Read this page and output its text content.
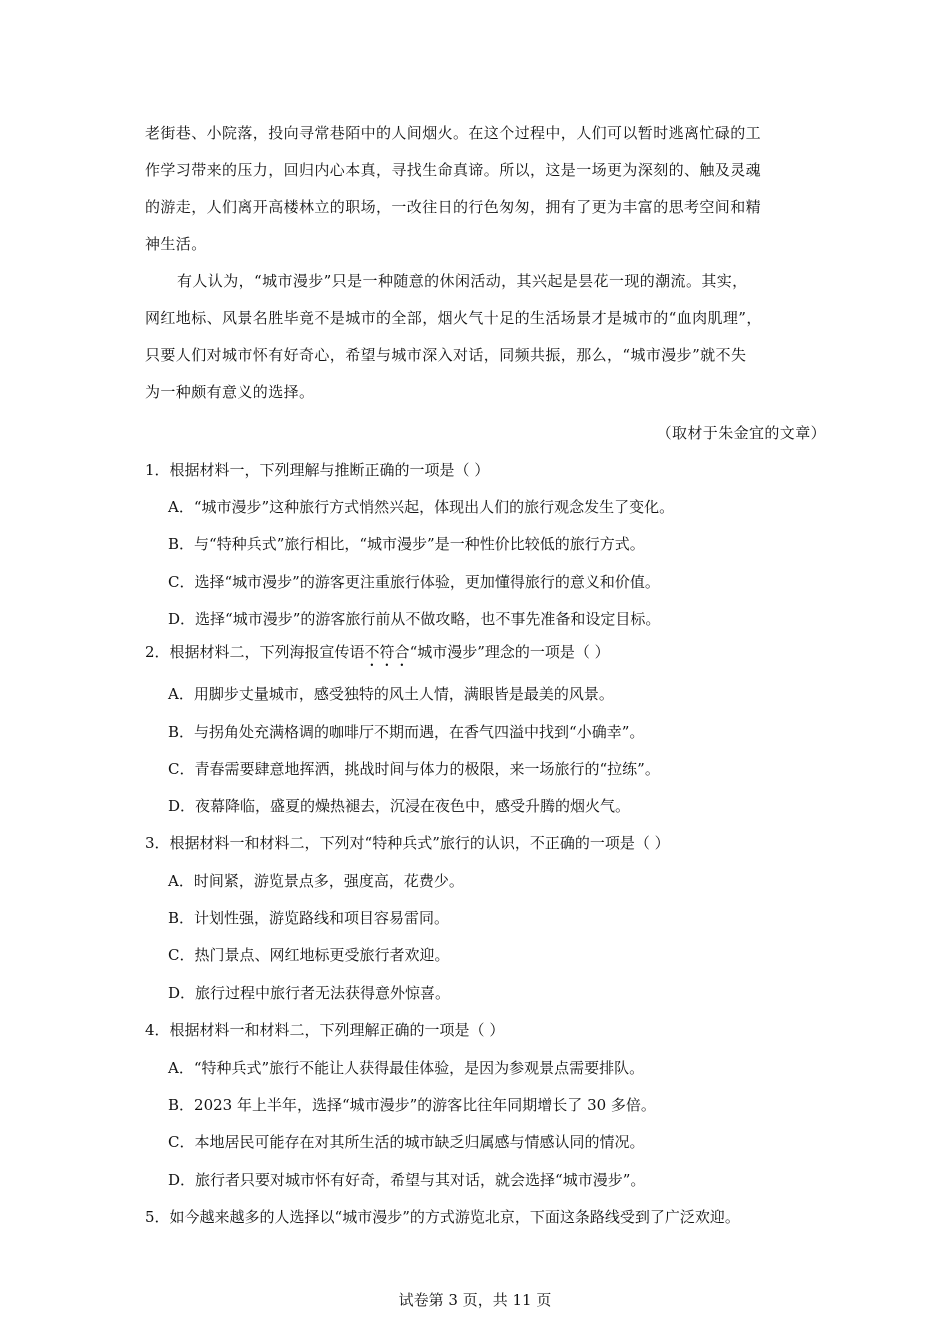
老街巷、小院落，投向寻常巷陌中的人间烟火。在这个过程中，人们可以暂时逃离忙碌的工
作学习带来的压力，回归内心本真，寻找生命真谛。所以，这是一场更为深刻的、触及灵魂
的游走，人们离开高楼林立的职场，一改往日的行色匆匆，拥有了更为丰富的思考空间和精
神生活。
有人认为，“城市漫步”只是一种随意的休闲活动，其兴起是昙花一现的潮流。其实，
网红地标、风景名胜毕竟不是城市的全部，烟火气十足的生活场景才是城市的“血肉肌理”，
只要人们对城市怀有好奇心，希望与城市深入对话，同频共振，那么，“城市漫步”就不失
为一种颇有意义的选择。
（取材于朱金宜的文章）
1．根据材料一，下列理解与推断正确的一项是（ ）
A．“城市漫步”这种旅行方式悄然兴起，体现出人们的旅行观念发生了变化。
B．与“特种兵式”旅行相比，“城市漫步”是一种性价比较低的旅行方式。
C．选择“城市漫步”的游客更注重旅行体验，更加懂得旅行的意义和价值。
D．选择“城市漫步”的游客旅行前从不做攻略，也不事先准备和设定目标。
2．根据材料二，下列海报宣传语不符合“城市漫步”理念的一项是（ ）
A．用脚步丈量城市，感受独特的风土人情，满眼皆是最美的风景。
B．与拐角处充满格调的咖啡厅不期而遇，在香气四溢中找到“小确幸”。
C．青春需要肆意地挥洒，挑战时间与体力的极限，来一场旅行的“拉练”。
D．夜幕降临，盛夏的燥热褪去，沉浸在夜色中，感受升腾的烟火气。
3．根据材料一和材料二，下列对“特种兵式”旅行的认识，不正确的一项是（ ）
A．时间紧，游览景点多，强度高，花费少。
B．计划性强，游览路线和项目容易雷同。
C．热门景点、网红地标更受旅行者欢迎。
D．旅行过程中旅行者无法获得意外惊喜。
4．根据材料一和材料二，下列理解正确的一项是（ ）
A．“特种兵式”旅行不能让人获得最佳体验，是因为参观景点需要排队。
B．2023 年上半年，选择“城市漫步”的游客比往年同期增长了 30 多倍。
C．本地居民可能存在对其所生活的城市缺乏归属感与情感认同的情况。
D．旅行者只要对城市怀有好奇，希望与其对话，就会选择“城市漫步”。
5．如今越来越多的人选择以“城市漫步”的方式游览北京，下面这条路线受到了广泛欢迎。
试卷第 3 页，共 11 页
